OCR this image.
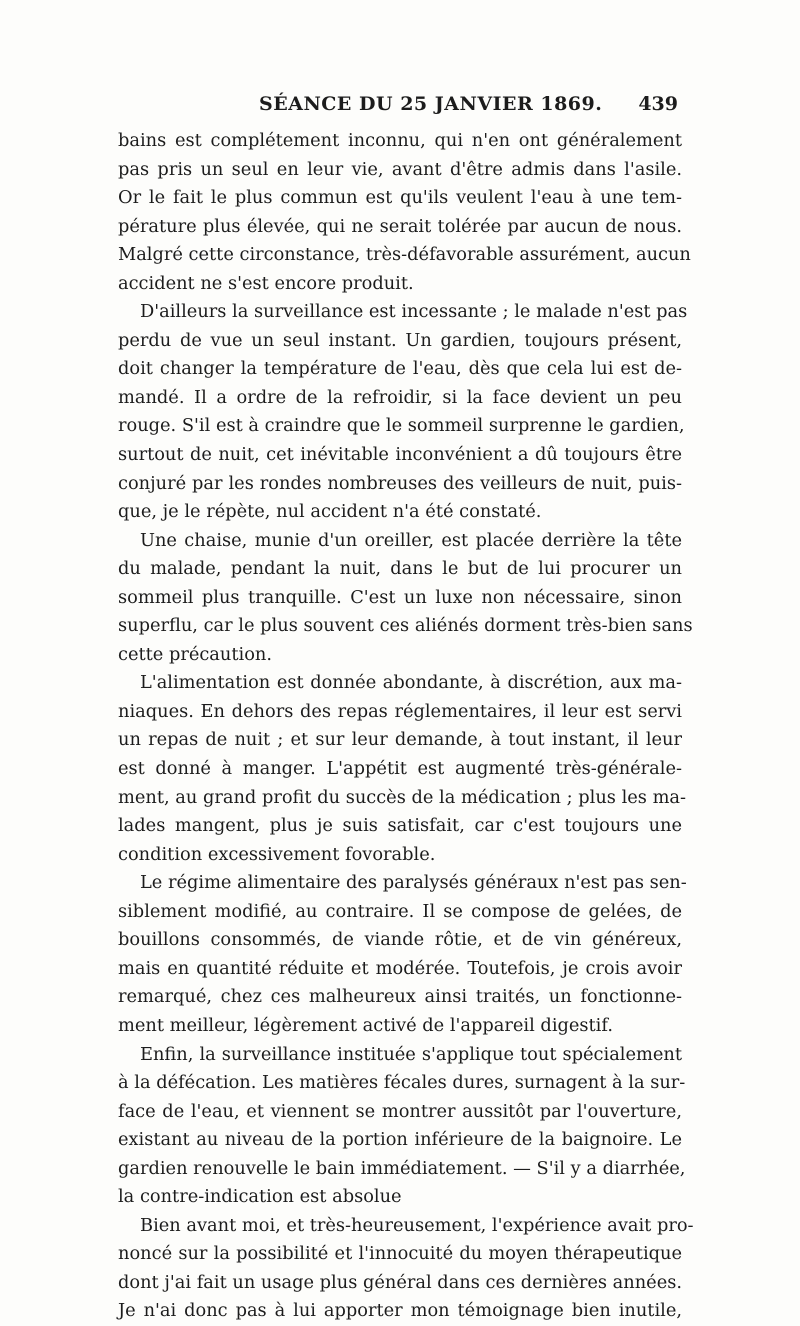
SÉANCE DU 25 JANVIER 1869. 439
bains est complétement inconnu, qui n'en ont généralement
pas pris un seul en leur vie, avant d'être admis dans l'asile.
Or le fait le plus commun est qu'ils veulent l'eau à une tem-
pérature plus élevée, qui ne serait tolérée par aucun de nous.
Malgré cette circonstance, très-défavorable assurément, aucun
accident ne s'est encore produit.
D'ailleurs la surveillance est incessante ; le malade n'est pas
perdu de vue un seul instant. Un gardien, toujours présent,
doit changer la température de l'eau, dès que cela lui est de-
mandé. Il a ordre de la refroidir, si la face devient un peu
rouge. S'il est à craindre que le sommeil surprenne le gardien,
surtout de nuit, cet inévitable inconvénient a dû toujours être
conjuré par les rondes nombreuses des veilleurs de nuit, puis-
que, je le répète, nul accident n'a été constaté.
Une chaise, munie d'un oreiller, est placée derrière la tête
du malade, pendant la nuit, dans le but de lui procurer un
sommeil plus tranquille. C'est un luxe non nécessaire, sinon
superflu, car le plus souvent ces aliénés dorment très-bien sans
cette précaution.
L'alimentation est donnée abondante, à discrétion, aux ma-
niaques. En dehors des repas réglementaires, il leur est servi
un repas de nuit ; et sur leur demande, à tout instant, il leur
est donné à manger. L'appétit est augmenté très-générale-
ment, au grand profit du succès de la médication ; plus les ma-
lades mangent, plus je suis satisfait, car c'est toujours une
condition excessivement fovorable.
Le régime alimentaire des paralysés généraux n'est pas sen-
siblement modifié, au contraire. Il se compose de gelées, de
bouillons consommés, de viande rôtie, et de vin généreux,
mais en quantité réduite et modérée. Toutefois, je crois avoir
remarqué, chez ces malheureux ainsi traités, un fonctionne-
ment meilleur, légèrement activé de l'appareil digestif.
Enfin, la surveillance instituée s'applique tout spécialement
à la défécation. Les matières fécales dures, surnagent à la sur-
face de l'eau, et viennent se montrer aussitôt par l'ouverture,
existant au niveau de la portion inférieure de la baignoire. Le
gardien renouvelle le bain immédiatement. — S'il y a diarrhée,
la contre-indication est absolue
Bien avant moi, et très-heureusement, l'expérience avait pro-
noncé sur la possibilité et l'innocuité du moyen thérapeutique
dont j'ai fait un usage plus général dans ces dernières années.
Je n'ai donc pas à lui apporter mon témoignage bien inutile,
